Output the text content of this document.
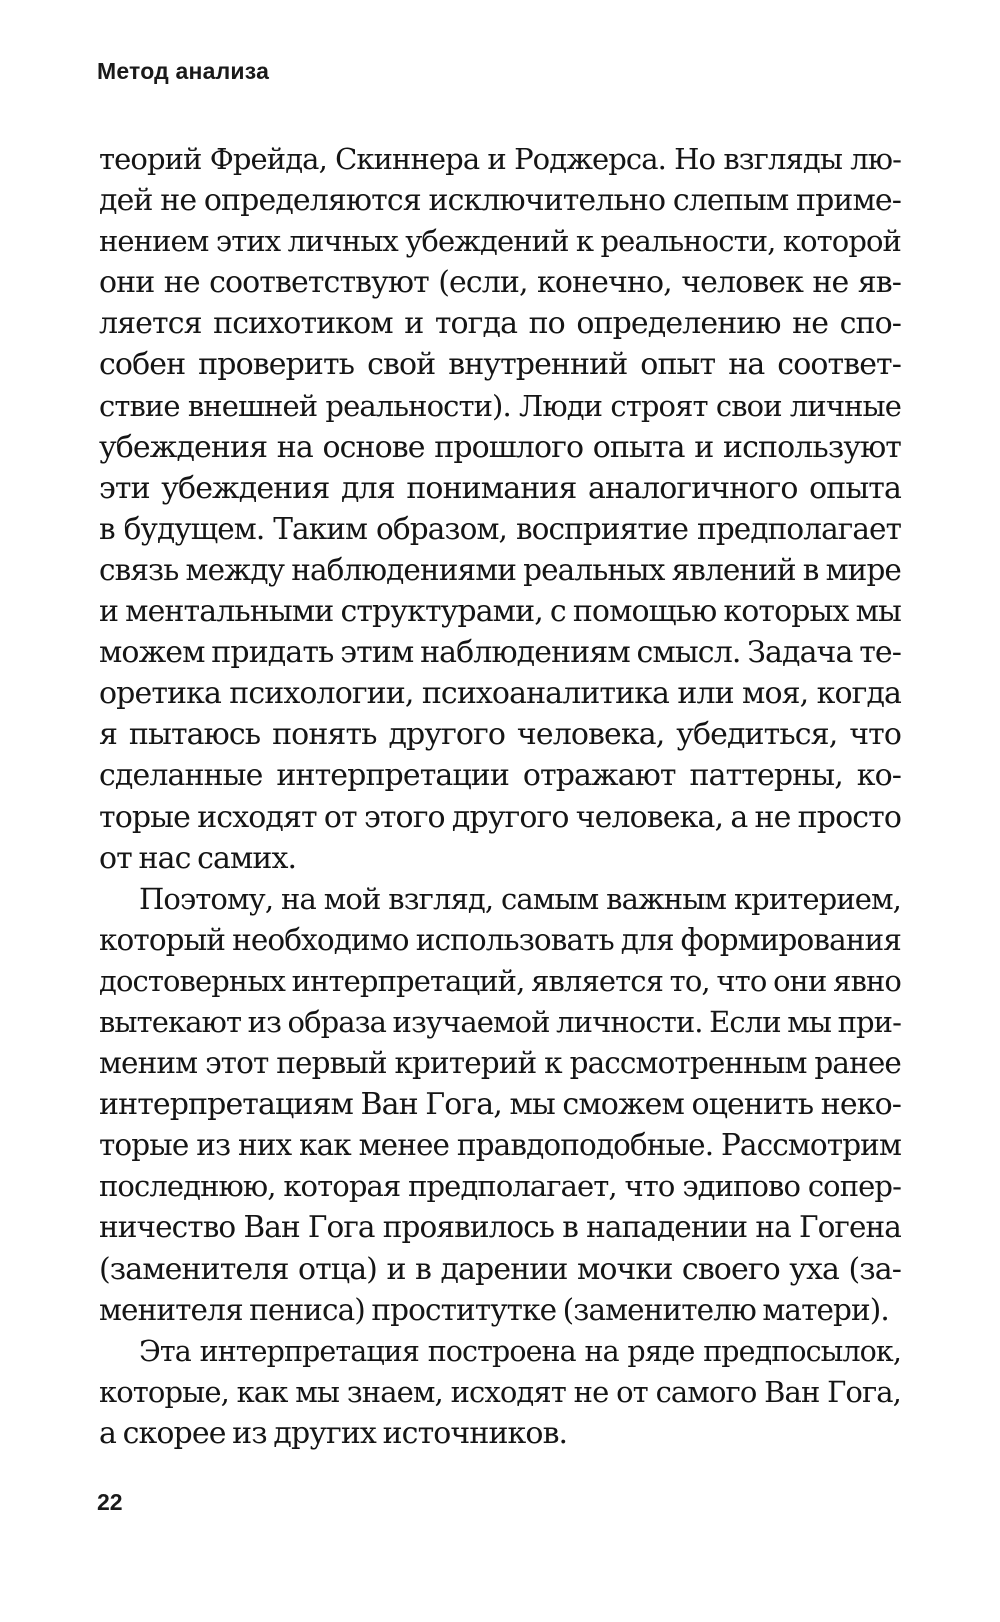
Метод анализа
теорий Фрейда, Скиннера и Роджерса. Но взгляды лю-
дей не определяются исключительно слепым приме-
нением этих личных убеждений к реальности, которой
они не соответствуют (если, конечно, человек не яв-
ляется психотиком и тогда по определению не спо-
собен проверить свой внутренний опыт на соответ-
ствие внешней реальности). Люди строят свои личные
убеждения на основе прошлого опыта и используют
эти убеждения для понимания аналогичного опыта
в будущем. Таким образом, восприятие предполагает
связь между наблюдениями реальных явлений в мире
и ментальными структурами, с помощью которых мы
можем придать этим наблюдениям смысл. Задача те-
оретика психологии, психоаналитика или моя, когда
я пытаюсь понять другого человека, убедиться, что
сделанные интерпретации отражают паттерны, ко-
торые исходят от этого другого человека, а не просто
от нас самих.
Поэтому, на мой взгляд, самым важным критерием,
который необходимо использовать для формирования
достоверных интерпретаций, является то, что они явно
вытекают из образа изучаемой личности. Если мы при-
меним этот первый критерий к рассмотренным ранее
интерпретациям Ван Гога, мы сможем оценить неко-
торые из них как менее правдоподобные. Рассмотрим
последнюю, которая предполагает, что эдипово сопер-
ничество Ван Гога проявилось в нападении на Гогена
(заменителя отца) и в дарении мочки своего уха (за-
менителя пениса) проститутке (заменителю матери).
Эта интерпретация построена на ряде предпосылок,
которые, как мы знаем, исходят не от самого Ван Гога,
а скорее из других источников.
22
